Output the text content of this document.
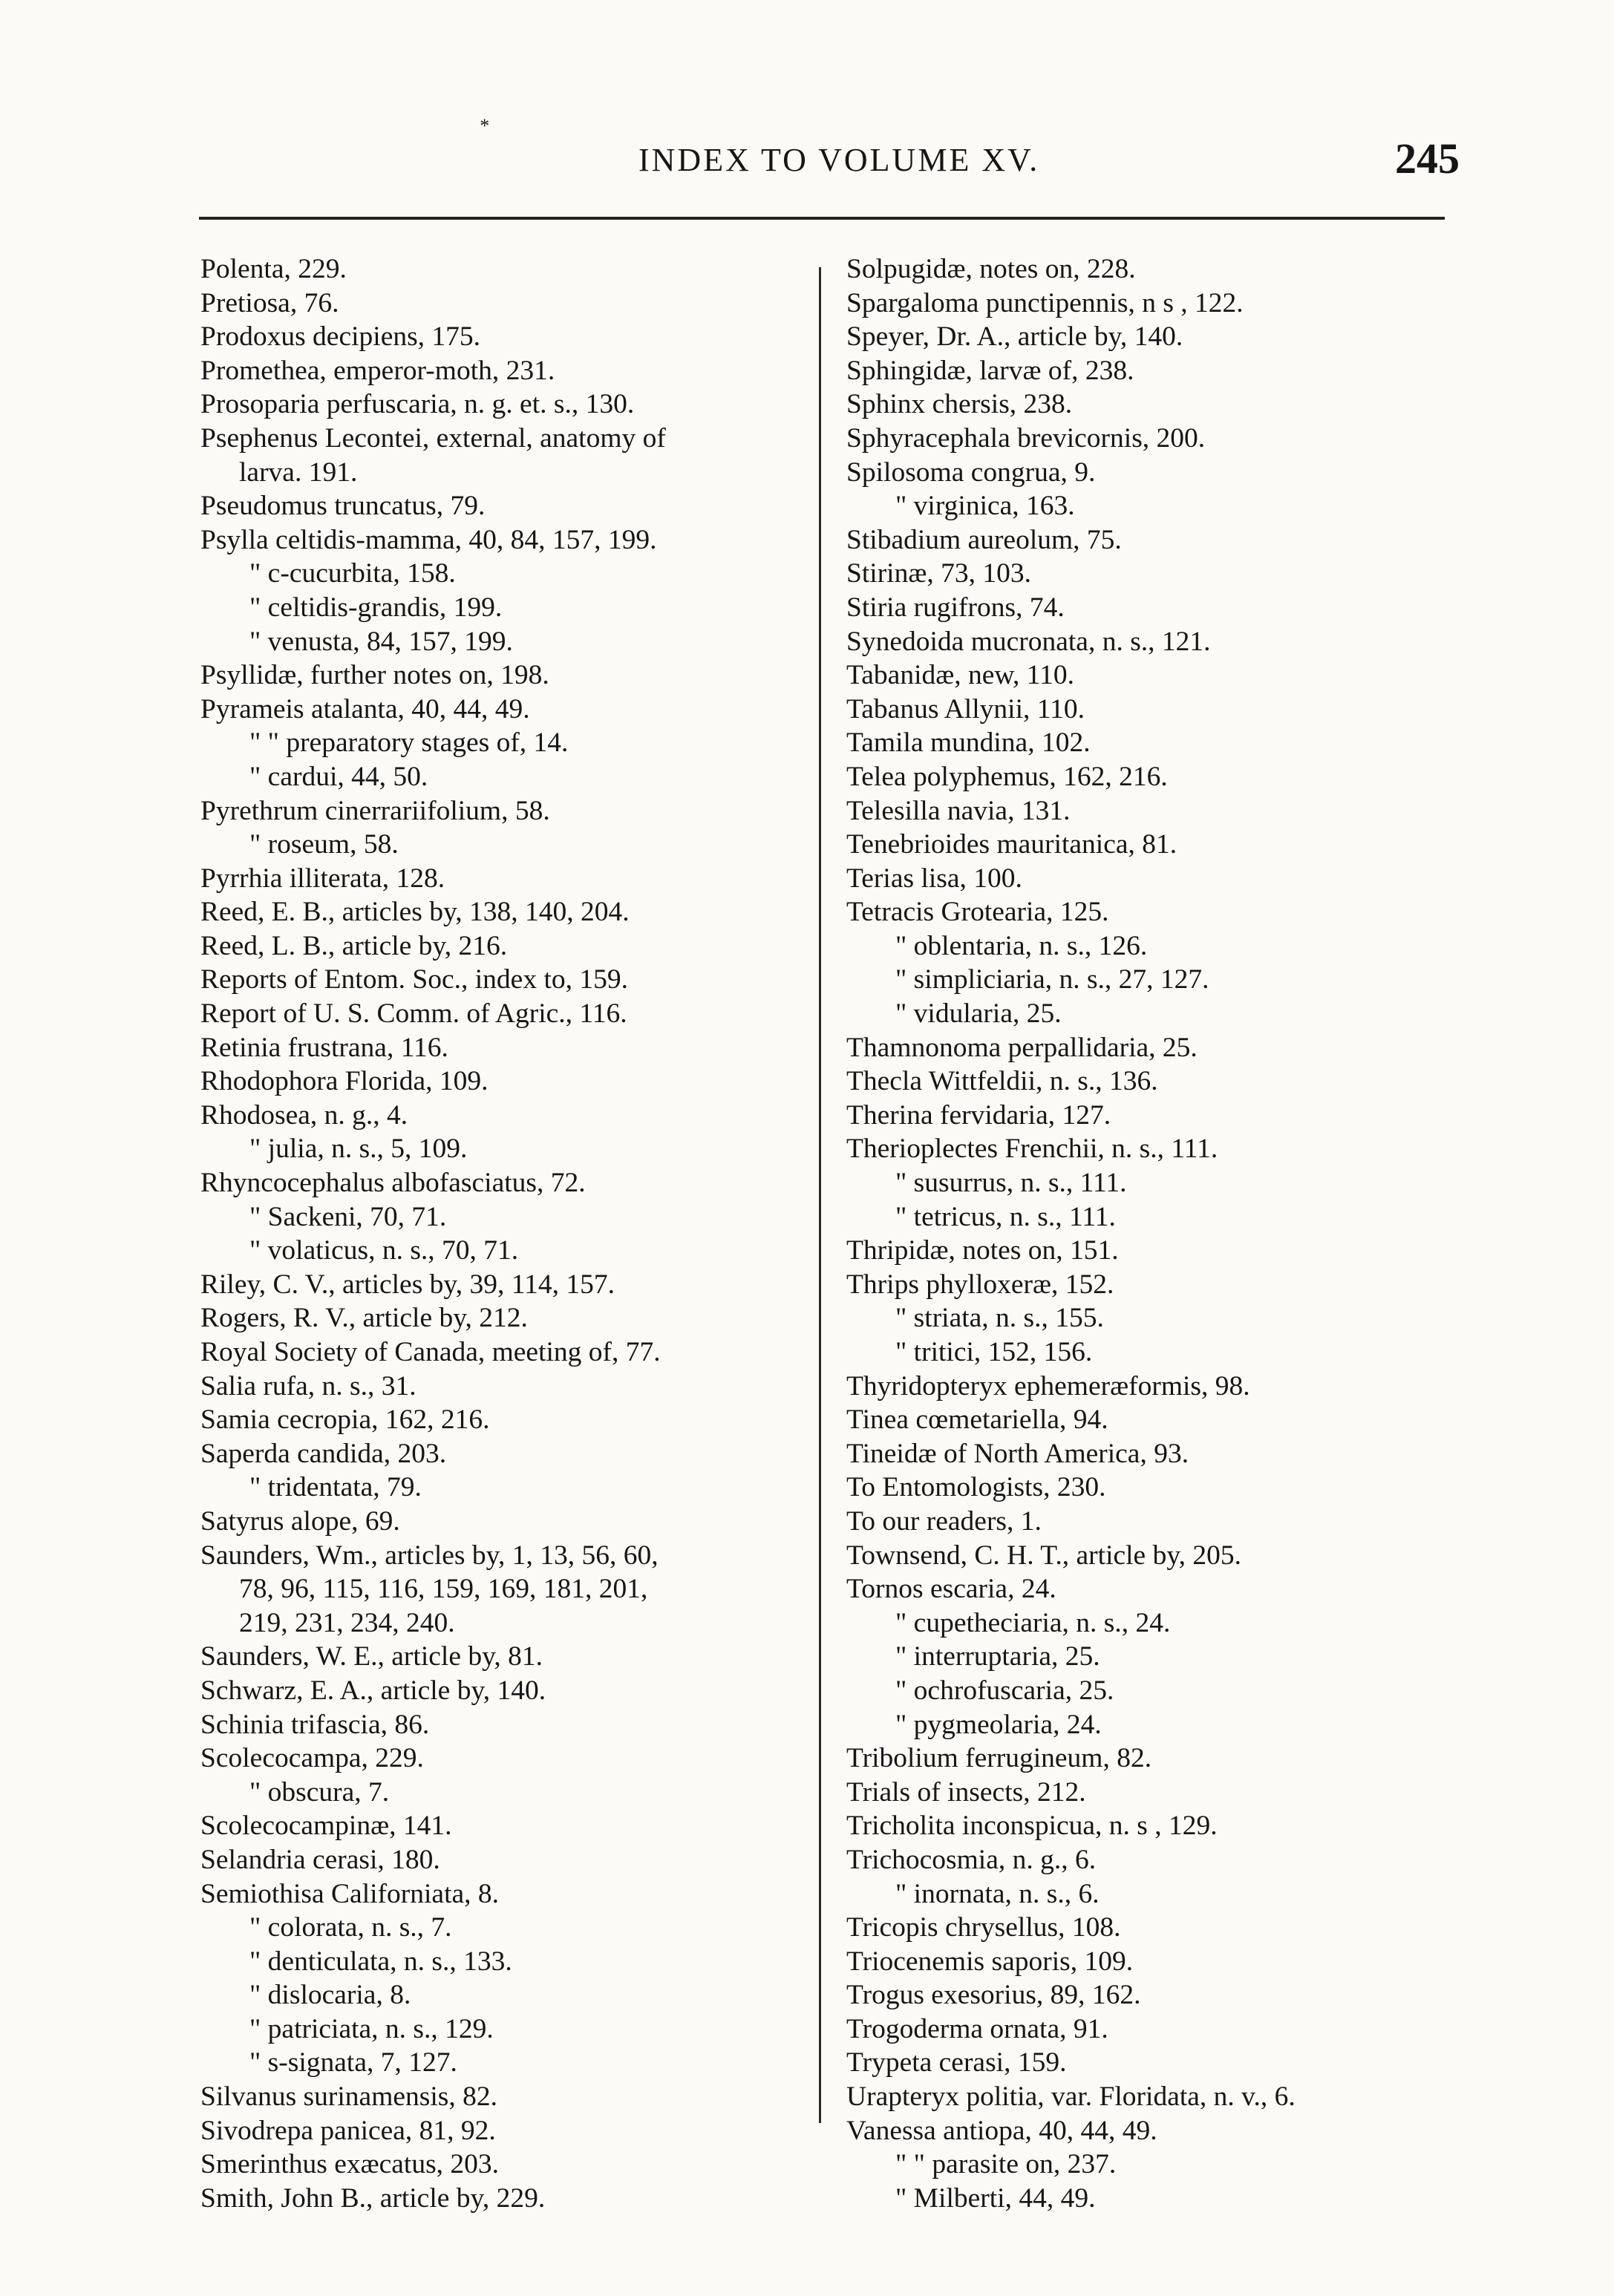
*
INDEX TO VOLUME XV.	245
Polenta, 229.
Pretiosa, 76.
Prodoxus decipiens, 175.
Promethea, emperor-moth, 231.
Prosoparia perfuscaria, n. g. et. s., 130.
Psephenus Lecontei, external, anatomy of
larva. 191.
Pseudomus truncatus, 79.
Psylla celtidis-mamma, 40, 84, 157, 199.
" c-cucurbita, 158.
" celtidis-grandis, 199.
" venusta, 84, 157, 199.
Psyllidæ, further notes on, 198.
Pyrameis atalanta, 40, 44, 49.
" " preparatory stages of, 14.
" cardui, 44, 50.
Pyrethrum cinerrariifolium, 58.
" roseum, 58.
Pyrrhia illiterata, 128.
Reed, E. B., articles by, 138, 140, 204.
Reed, L. B., article by, 216.
Reports of Entom. Soc., index to, 159.
Report of U. S. Comm. of Agric., 116.
Retinia frustrana, 116.
Rhodophora Florida, 109.
Rhodosea, n. g., 4.
" julia, n. s., 5, 109.
Rhyncocephalus albofasciatus, 72.
" Sackeni, 70, 71.
" volaticus, n. s., 70, 71.
Riley, C. V., articles by, 39, 114, 157.
Rogers, R. V., article by, 212.
Royal Society of Canada, meeting of, 77.
Salia rufa, n. s., 31.
Samia cecropia, 162, 216.
Saperda candida, 203.
" tridentata, 79.
Satyrus alope, 69.
Saunders, Wm., articles by, 1, 13, 56, 60,
78, 96, 115, 116, 159, 169, 181, 201,
219, 231, 234, 240.
Saunders, W. E., article by, 81.
Schwarz, E. A., article by, 140.
Schinia trifascia, 86.
Scolecocampa, 229.
" obscura, 7.
Scolecocampinæ, 141.
Selandria cerasi, 180.
Semiothisa Californiata, 8.
" colorata, n. s., 7.
" denticulata, n. s., 133.
" dislocaria, 8.
" patriciata, n. s., 129.
" s-signata, 7, 127.
Silvanus surinamensis, 82.
Sivodrepa panicea, 81, 92.
Smerinthus exæcatus, 203.
Smith, John B., article by, 229.
Solpugidæ, notes on, 228.
Spargaloma punctipennis, n s , 122.
Speyer, Dr. A., article by, 140.
Sphingidæ, larvæ of, 238.
Sphinx chersis, 238.
Sphyracephala brevicornis, 200.
Spilosoma congrua, 9.
" virginica, 163.
Stibadium aureolum, 75.
Stirinæ, 73, 103.
Stiria rugifrons, 74.
Synedoida mucronata, n. s., 121.
Tabanidæ, new, 110.
Tabanus Allynii, 110.
Tamila mundina, 102.
Telea polyphemus, 162, 216.
Telesilla navia, 131.
Tenebrioides mauritanica, 81.
Terias lisa, 100.
Tetracis Grotearia, 125.
" oblentaria, n. s., 126.
" simpliciaria, n. s., 27, 127.
" vidularia, 25.
Thamnonoma perpallidaria, 25.
Thecla Wittfeldii, n. s., 136.
Therina fervidaria, 127.
Therioplectes Frenchii, n. s., 111.
" susurrus, n. s., 111.
" tetricus, n. s., 111.
Thripidæ, notes on, 151.
Thrips phylloxeræ, 152.
" striata, n. s., 155.
" tritici, 152, 156.
Thyridopteryx ephemeræformis, 98.
Tinea cœmetariella, 94.
Tineidæ of North America, 93.
To Entomologists, 230.
To our readers, 1.
Townsend, C. H. T., article by, 205.
Tornos escaria, 24.
" cupetheciaria, n. s., 24.
" interruptaria, 25.
" ochrofuscaria, 25.
" pygmeolaria, 24.
Tribolium ferrugineum, 82.
Trials of insects, 212.
Tricholita inconspicua, n. s , 129.
Trichocosmia, n. g., 6.
" inornata, n. s., 6.
Tricopis chrysellus, 108.
Triocenemis saporis, 109.
Trogus exesorius, 89, 162.
Trogoderma ornata, 91.
Trypeta cerasi, 159.
Urapteryx politia, var. Floridata, n. v., 6.
Vanessa antiopa, 40, 44, 49.
" " parasite on, 237.
" Milberti, 44, 49.
